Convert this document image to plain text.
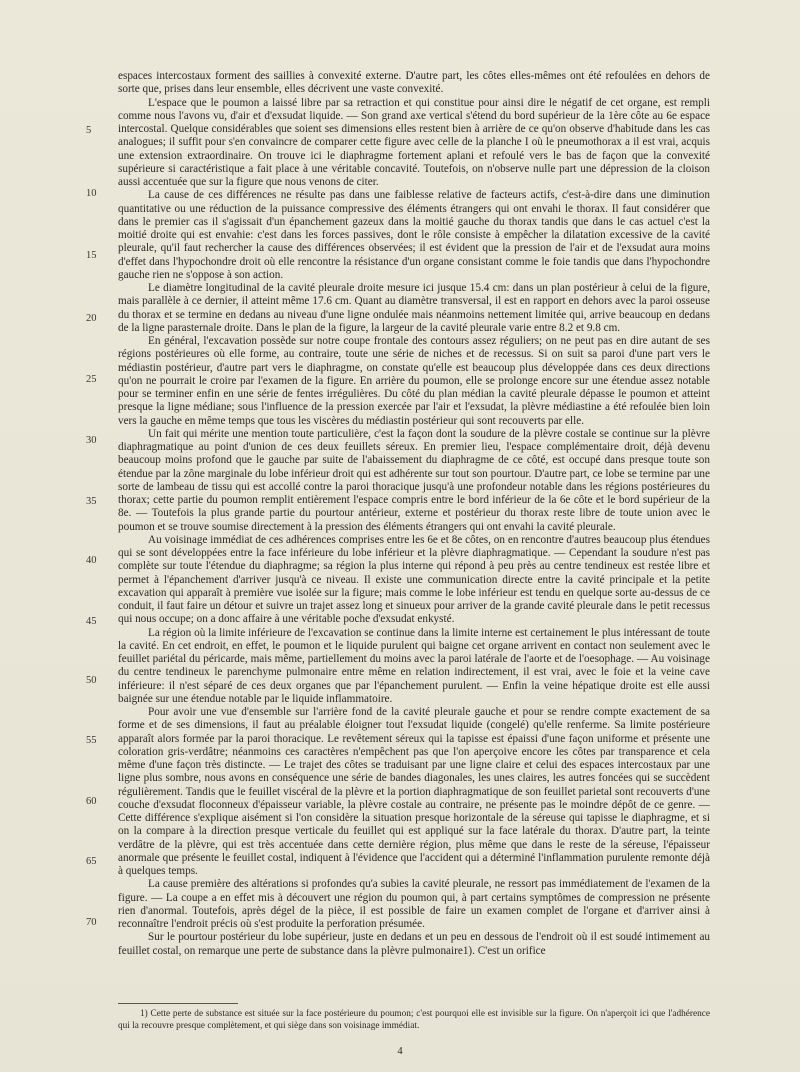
espaces intercostaux forment des saillies à convexité externe. D'autre part, les côtes elles-mêmes ont été refoulées en dehors de sorte que, prises dans leur ensemble, elles décrivent une vaste convexité.

L'espace que le poumon a laissé libre par sa retraction et qui constitue pour ainsi dire le négatif de cet organe, est rempli comme nous l'avons vu, d'air et d'exsudat liquide. — Son grand axe vertical s'étend du bord supérieur de la 1ère côte au 6e espace intercostal. Quelque considérables que soient ses dimensions elles restent bien à arrière de ce qu'on observe d'habitude dans les cas analogues; il suffit pour s'en convaincre de comparer cette figure avec celle de la planche I où le pneumothorax a il est vrai, acquis une extension extraordinaire. On trouve ici le diaphragme fortement aplani et refoulé vers le bas de façon que la convexité supérieure si caractéristique a fait place à une véritable concavité. Toutefois, on n'observe nulle part une dépression de la cloison aussi accentuée que sur la figure que nous venons de citer.

La cause de ces différences ne résulte pas dans une faiblesse relative de facteurs actifs, c'est-à-dire dans une diminution quantitative ou une réduction de la puissance compressive des éléments étrangers qui ont envahi le thorax. Il faut considérer que dans le premier cas il s'agissait d'un épanchement gazeux dans la moitié gauche du thorax tandis que dans le cas actuel c'est la moitié droite qui est envahie: c'est dans les forces passives, dont le rôle consiste à empêcher la dilatation excessive de la cavité pleurale, qu'il faut rechercher la cause des différences observées; il est évident que la pression de l'air et de l'exsudat aura moins d'effet dans l'hypochondre droit où elle rencontre la résistance d'un organe consistant comme le foie tandis que dans l'hypochondre gauche rien ne s'oppose à son action.

Le diamètre longitudinal de la cavité pleurale droite mesure ici jusque 15.4 cm: dans un plan postérieur à celui de la figure, mais parallèle à ce dernier, il atteint même 17.6 cm. Quant au diamètre transversal, il est en rapport en dehors avec la paroi osseuse du thorax et se termine en dedans au niveau d'une ligne ondulée mais néanmoins nettement limitée qui, arrive beaucoup en dedans de la ligne parasternale droite. Dans le plan de la figure, la largeur de la cavité pleurale varie entre 8.2 et 9.8 cm.

En général, l'excavation possède sur notre coupe frontale des contours assez réguliers; on ne peut pas en dire autant de ses régions postérieures où elle forme, au contraire, toute une série de niches et de recessus. Si on suit sa paroi d'une part vers le médiastin postérieur, d'autre part vers le diaphragme, on constate qu'elle est beaucoup plus développée dans ces deux directions qu'on ne pourrait le croire par l'examen de la figure. En arrière du poumon, elle se prolonge encore sur une étendue assez notable pour se terminer enfin en une série de fentes irrégulières. Du côté du plan médian la cavité pleurale dépasse le poumon et atteint presque la ligne médiane; sous l'influence de la pression exercée par l'air et l'exsudat, la plèvre médiastine a été refoulée bien loin vers la gauche en même temps que tous les viscères du médiastin postérieur qui sont recouverts par elle.

Un fait qui mérite une mention toute particulière, c'est la façon dont la soudure de la plèvre costale se continue sur la plèvre diaphragmatique au point d'union de ces deux feuillets séreux. En premier lieu, l'espace complémentaire droit, déjà devenu beaucoup moins profond que le gauche par suite de l'abaissement du diaphragme de ce côté, est occupé dans presque toute son étendue par la zône marginale du lobe inférieur droit qui est adhérente sur tout son pourtour. D'autre part, ce lobe se termine par une sorte de lambeau de tissu qui est accollé contre la paroi thoracique jusqu'à une profondeur notable dans les régions postérieures du thorax; cette partie du poumon remplit entièrement l'espace compris entre le bord inférieur de la 6e côte et le bord supérieur de la 8e. — Toutefois la plus grande partie du pourtour antérieur, externe et postérieur du thorax reste libre de toute union avec le poumon et se trouve soumise directement à la pression des éléments étrangers qui ont envahi la cavité pleurale.

Au voisinage immédiat de ces adhérences comprises entre les 6e et 8e côtes, on en rencontre d'autres beaucoup plus étendues qui se sont développées entre la face inférieure du lobe inférieur et la plèvre diaphragmatique. — Cependant la soudure n'est pas complète sur toute l'étendue du diaphragme; sa région la plus interne qui répond à peu près au centre tendineux est restée libre et permet à l'épanchement d'arriver jusqu'à ce niveau. Il existe une communication directe entre la cavité principale et la petite excavation qui apparaît à première vue isolée sur la figure; mais comme le lobe inférieur est tendu en quelque sorte au-dessus de ce conduit, il faut faire un détour et suivre un trajet assez long et sinueux pour arriver de la grande cavité pleurale dans le petit recessus qui nous occupe; on a donc affaire à une véritable poche d'exsudat enkysté.

La région où la limite inférieure de l'excavation se continue dans la limite interne est certainement le plus intéressant de toute la cavité. En cet endroit, en effet, le poumon et le liquide purulent qui baigne cet organe arrivent en contact non seulement avec le feuillet pariétal du péricarde, mais même, partiellement du moins avec la paroi latérale de l'aorte et de l'oesophage. — Au voisinage du centre tendineux le parenchyme pulmonaire entre même en relation indirectement, il est vrai, avec le foie et la veine cave inférieure: il n'est séparé de ces deux organes que par l'épanchement purulent. — Enfin la veine hépatique droite est elle aussi baignée sur une étendue notable par le liquide inflammatoire.

Pour avoir une vue d'ensemble sur l'arrière fond de la cavité pleurale gauche et pour se rendre compte exactement de sa forme et de ses dimensions, il faut au préalable éloigner tout l'exsudat liquide (congelé) qu'elle renferme. Sa limite postérieure apparaît alors formée par la paroi thoracique. Le revêtement séreux qui la tapisse est épaissi d'une façon uniforme et présente une coloration gris-verdâtre; néanmoins ces caractères n'empêchent pas que l'on aperçoive encore les côtes par transparence et cela même d'une façon très distincte. — Le trajet des côtes se traduisant par une ligne claire et celui des espaces intercostaux par une ligne plus sombre, nous avons en conséquence une série de bandes diagonales, les unes claires, les autres foncées qui se succèdent régulièrement. Tandis que le feuillet viscéral de la plèvre et la portion diaphragmatique de son feuillet parietal sont recouverts d'une couche d'exsudat floconneux d'épaisseur variable, la plèvre costale au contraire, ne présente pas le moindre dépôt de ce genre. — Cette différence s'explique aisément si l'on considère la situation presque horizontale de la séreuse qui tapisse le diaphragme, et si on la compare à la direction presque verticale du feuillet qui est appliqué sur la face latérale du thorax. D'autre part, la teinte verdâtre de la plèvre, qui est très accentuée dans cette dernière région, plus même que dans le reste de la séreuse, l'épaisseur anormale que présente le feuillet costal, indiquent à l'évidence que l'accident qui a déterminé l'inflammation purulente remonte déjà à quelques temps.

La cause première des altérations si profondes qu'a subies la cavité pleurale, ne ressort pas immédiatement de l'examen de la figure. — La coupe a en effet mis à découvert une région du poumon qui, à part certains symptômes de compression ne présente rien d'anormal. Toutefois, après dégel de la pièce, il est possible de faire un examen complet de l'organe et d'arriver ainsi à reconnaître l'endroit précis où s'est produite la perforation présumée.

Sur le pourtour postérieur du lobe supérieur, juste en dedans et un peu en dessous de l'endroit où il est soudé intimement au feuillet costal, on remarque une perte de substance dans la plèvre pulmonaire1). C'est un orifice

5
10
15
20
25
30
35
40
45
50
55
60
65
70
1) Cette perte de substance est située sur la face postérieure du poumon; c'est pourquoi elle est invisible sur la figure. On n'aperçoit ici que l'adhérence qui la recouvre presque complètement, et qui siège dans son voisinage immédiat.
4
